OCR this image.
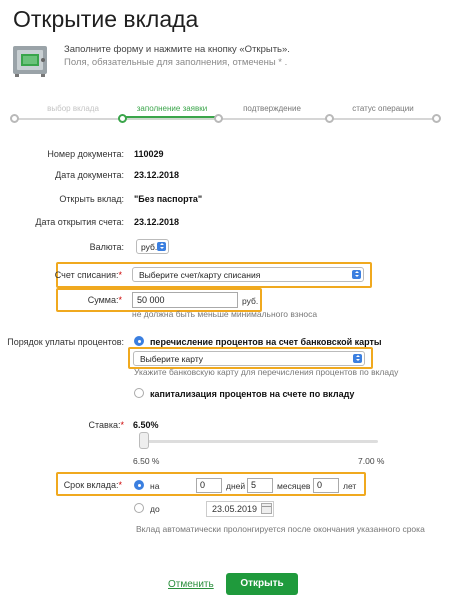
Открытие вклада
Заполните форму и нажмите на кнопку «Открыть».
Поля, обязательные для заполнения, отмечены * .
выбор вклада	заполнение заявки	подтверждение	статус операции
Номер документа: 110029
Дата документа: 23.12.2018
Открыть вклад: "Без паспорта"
Дата открытия счета: 23.12.2018
Валюта:	руб.
Счет списания:*	Выберите счет/карту списания
Сумма:*	50 000	руб.
не должна быть меньше минимального взноса
Порядок уплаты процентов:	перечисление процентов на счет банковской карты
Выберите карту
Укажите банковскую карту для перечисления процентов по вкладу
капитализация процентов на счете по вкладу
Ставка:* 6.50%
6.50 %	7.00 %
Срок вклада:*	на	0	дней 5	месяцев 0	лет
до	23.05.2019
Вклад автоматически пролонгируется после окончания указанного срока
Отменить	Открыть
